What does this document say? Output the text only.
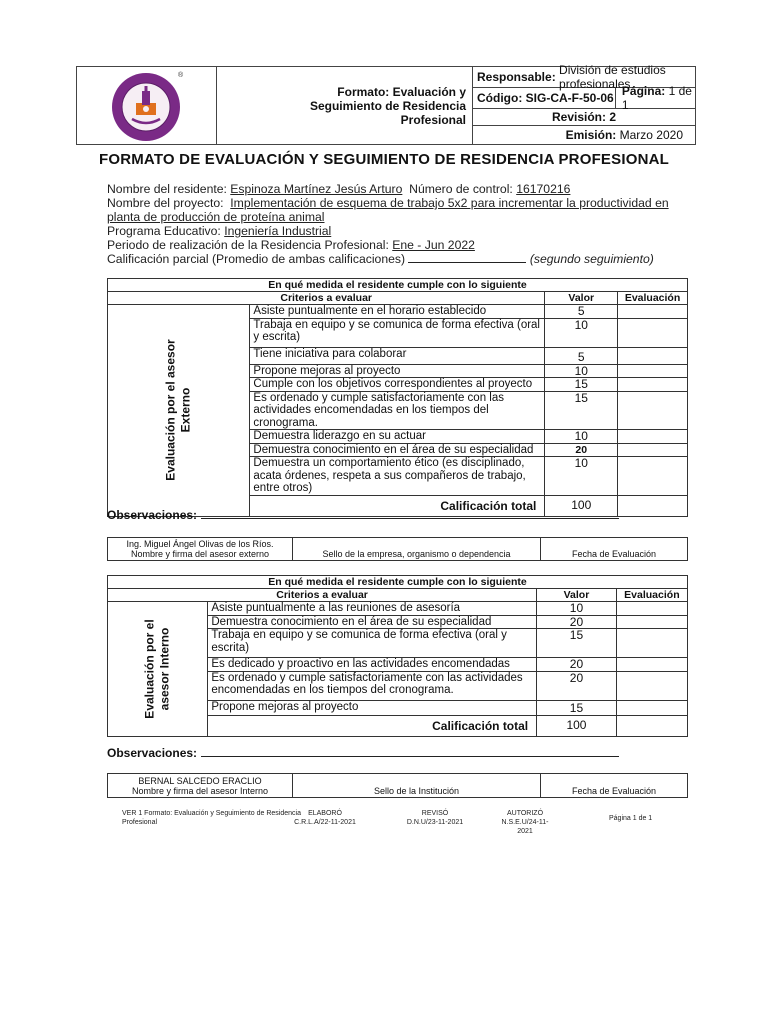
®
Formato: Evaluación y
Seguimiento de Residencia
Profesional
Responsable:
División de estudios profesionales
Código: SIG-CA-F-50-06 Página: 1 de 1
Revisión: 2
Emisión:
Marzo 2020
FORMATO DE EVALUACIÓN Y SEGUIMIENTO DE RESIDENCIA PROFESIONAL
Nombre del residente: Espinoza Martínez Jesús Arturo Número de control: 16170216
Nombre del proyecto: Implementación de esquema de trabajo 5x2 para incrementar la productividad en
planta de producción de proteína animal
Programa Educativo: Ingeniería Industrial
Periodo de realización de la Residencia Profesional: Ene - Jun 2022
Calificación parcial (Promedio de ambas calificaciones)	(segundo seguimiento)
En qué medida el residente cumple con lo siguiente			
Criterios a evaluar		Valor	Evaluación
Evaluación por el asesor
Externo	Asiste puntualmente en el horario establecido	5	
	Trabaja en equipo y se comunica de forma efectiva (oral y escrita)	10	
	Tiene iniciativa para colaborar	5	
	Propone mejoras al proyecto	10	
	Cumple con los objetivos correspondientes al proyecto	15	
	Es ordenado y cumple satisfactoriamente con las actividades encomendadas en los tiempos del cronograma.	15	
	Demuestra liderazgo en su actuar	10	
	Demuestra conocimiento en el área de su especialidad	20	
	Demuestra un comportamiento ético (es disciplinado, acata órdenes, respeta a sus compañeros de trabajo, entre otros)	10	
	Calificación total	100	
Observaciones:
Ing. Miguel Ángel Olivas de los Ríos.
Nombre y firma del asesor externo	Sello de la empresa, organismo o dependencia	Fecha de Evaluación
En qué medida el residente cumple con lo siguiente			
Criterios a evaluar		Valor	Evaluación
Evaluación por el
asesor Interno	Asiste puntualmente a las reuniones de asesoría	10	
	Demuestra conocimiento en el área de su especialidad	20	
	Trabaja en equipo y se comunica de forma efectiva (oral y escrita)	15	
	Es dedicado y proactivo en las actividades encomendadas	20	
	Es ordenado y cumple satisfactoriamente con las actividades encomendadas en los tiempos del cronograma.	20	
	Propone mejoras al proyecto	15	
	Calificación total	100	
Observaciones:
BERNAL SALCEDO ERACLIO
Nombre y firma del asesor Interno	Sello de la Institución	Fecha de Evaluación
VER 1 Formato: Evaluación y Seguimiento de Residencia
Profesional
ELABORÓ
C.R.L.A/22-11-2021
REVISÓ
D.N.U/23-11-2021
AUTORIZÓ
N.S.E.U/24-11-2021
Página 1 de 1
